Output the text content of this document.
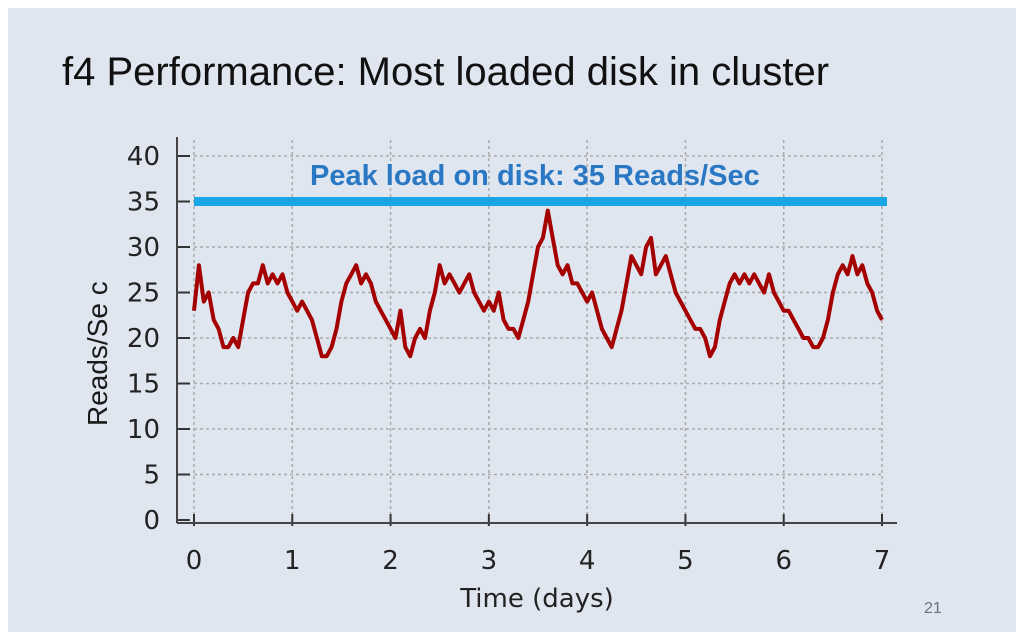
f4 Performance: Most loaded disk in cluster
21
0
5
10
15
20
25
30
35
40
0	1	2	3	4	5	6	7
Peak load on disk: 35 Reads/Sec
Time (days)
Reads/Se c
